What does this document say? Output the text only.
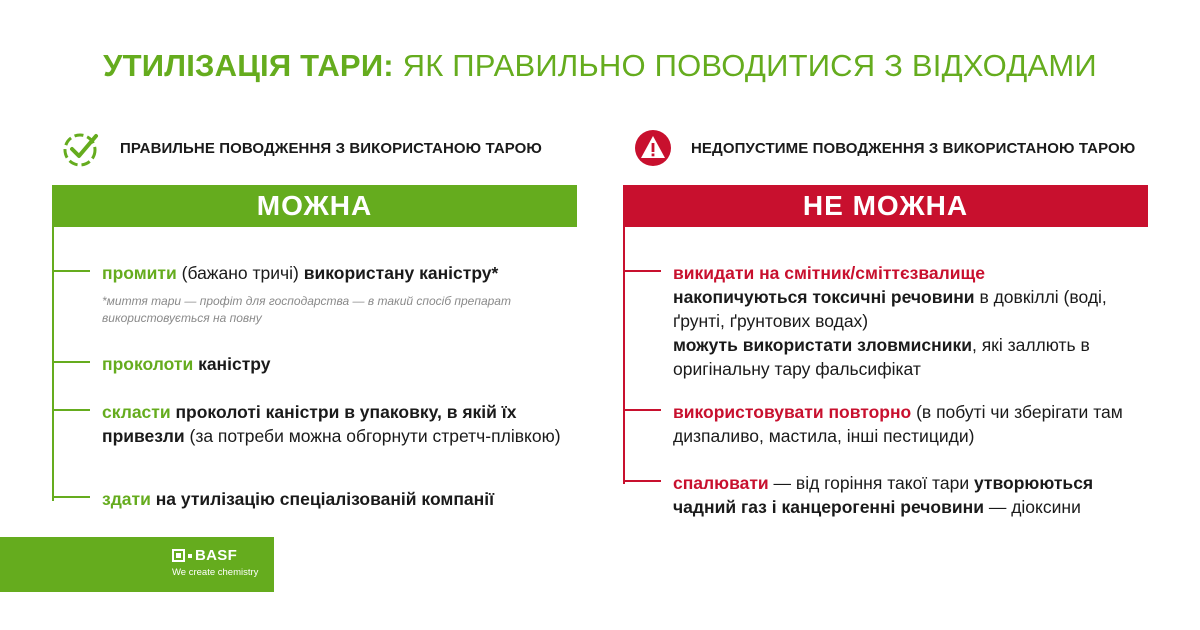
УТИЛІЗАЦІЯ ТАРИ: ЯК ПРАВИЛЬНО ПОВОДИТИСЯ З ВІДХОДАМИ
ПРАВИЛЬНЕ ПОВОДЖЕННЯ З ВИКОРИСТАНОЮ ТАРОЮ
МОЖНА
промити (бажано тричі) використану каністру*
*миття тари — профіт для господарства — в такий спосіб препарат використовується на повну
проколоти каністру
скласти проколоті каністри в упаковку, в якій їх привезли (за потреби можна обгорнути стретч-плівкою)
здати на утилізацію спеціалізованій компанії
НЕДОПУСТИМЕ ПОВОДЖЕННЯ З ВИКОРИСТАНОЮ ТАРОЮ
НЕ МОЖНА
викидати на смітник/сміттєзвалище
накопичуються токсичні речовини в довкіллі (воді, ґрунті, ґрунтових водах)
можуть використати зловмисники, які заллють в оригінальну тару фальсифікат
використовувати повторно (в побуті чи зберігати там дизпаливо, мастила, інші пестициди)
спалювати — від горіння такої тари утворюються чадний газ і канцерогенні речовини — діоксини
BASF
We create chemistry
